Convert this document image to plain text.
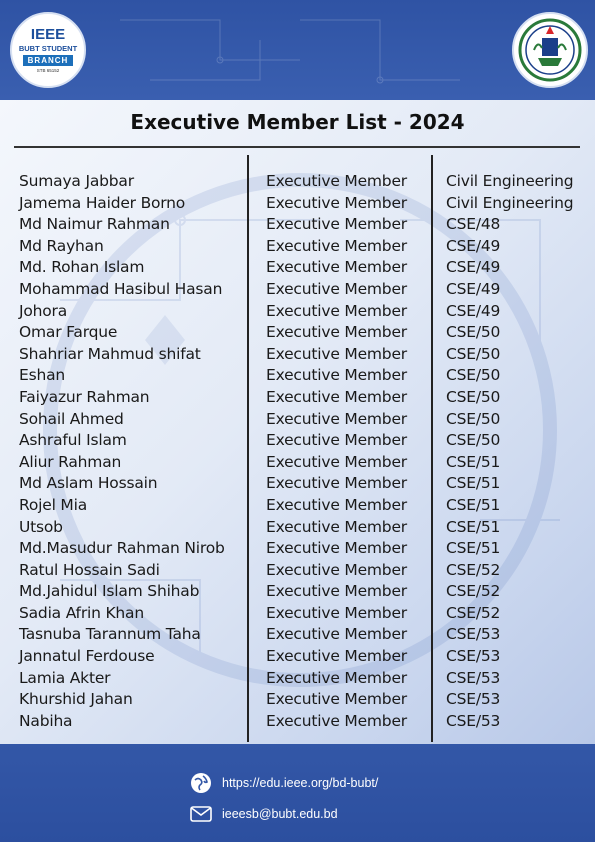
IEEE
BUBT STUDENT
BRANCH
STB 65152
Executive Member List - 2024
Sumaya Jabbar	Executive Member	Civil Engineering
Jamema Haider Borno	Executive Member	Civil Engineering
Md Naimur Rahman	Executive Member	CSE/48
Md Rayhan	Executive Member	CSE/49
Md. Rohan Islam	Executive Member	CSE/49
Mohammad Hasibul Hasan	Executive Member	CSE/49
Johora	Executive Member	CSE/49
Omar Farque	Executive Member	CSE/50
Shahriar Mahmud shifat	Executive Member	CSE/50
Eshan	Executive Member	CSE/50
Faiyazur Rahman	Executive Member	CSE/50
Sohail Ahmed	Executive Member	CSE/50
Ashraful Islam	Executive Member	CSE/50
Aliur Rahman	Executive Member	CSE/51
Md Aslam Hossain	Executive Member	CSE/51
Rojel Mia	Executive Member	CSE/51
Utsob	Executive Member	CSE/51
Md.Masudur Rahman Nirob	Executive Member	CSE/51
Ratul Hossain Sadi	Executive Member	CSE/52
Md.Jahidul Islam Shihab	Executive Member	CSE/52
Sadia Afrin Khan	Executive Member	CSE/52
Tasnuba Tarannum Taha	Executive Member	CSE/53
Jannatul Ferdouse	Executive Member	CSE/53
Lamia Akter	Executive Member	CSE/53
Khurshid Jahan	Executive Member	CSE/53
Nabiha	Executive Member	CSE/53
https://edu.ieee.org/bd-bubt/
ieeesb@bubt.edu.bd
